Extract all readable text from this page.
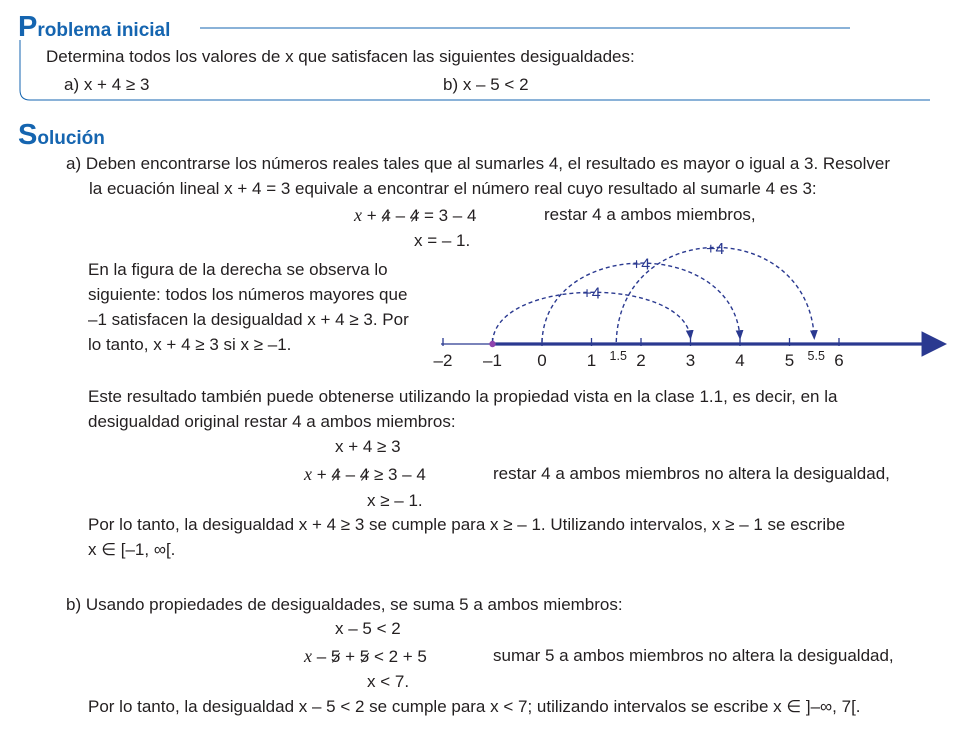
Problema inicial
Determina todos los valores de x que satisfacen las siguientes desigualdades:
a) x + 4 ≥ 3	b) x – 5 < 2
Solución
a) Deben encontrarse los números reales tales que al sumarles 4, el resultado es mayor o igual a 3. Resolver
la ecuación lineal x + 4 = 3 equivale a encontrar el número real cuyo resultado al sumarle 4 es 3:
x + 4 – 4 = 3 – 4	restar 4 a ambos miembros,
x = – 1.
En la figura de la derecha se observa lo
siguiente: todos los números mayores que
–1 satisfacen la desigualdad x + 4 ≥ 3. Por
lo tanto, x + 4 ≥ 3 si x ≥ –1.
–2 –1 0 1 2 3 4 5 6
1.5	5.5
+4
+4
+4
Este resultado también puede obtenerse utilizando la propiedad vista en la clase 1.1, es decir, en la
desigualdad original restar 4 a ambos miembros:
x + 4 ≥ 3
x + 4 – 4 ≥ 3 – 4	restar 4 a ambos miembros no altera la desigualdad,
x ≥ – 1.
Por lo tanto, la desigualdad x + 4 ≥ 3 se cumple para x ≥ – 1. Utilizando intervalos, x ≥ – 1 se escribe
x ∈ [–1, ∞[.
b) Usando propiedades de desigualdades, se suma 5 a ambos miembros:
x – 5 < 2
x – 5 + 5 < 2 + 5	sumar 5 a ambos miembros no altera la desigualdad,
x < 7.
Por lo tanto, la desigualdad x – 5 < 2 se cumple para x < 7; utilizando intervalos se escribe x ∈ ]–∞, 7[.
